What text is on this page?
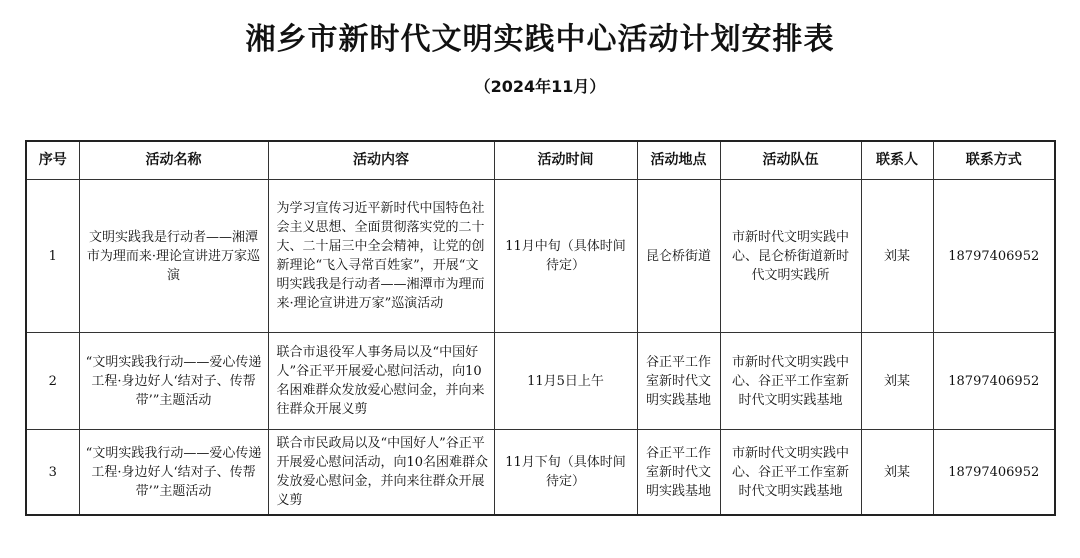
湘乡市新时代文明实践中心活动计划安排表
（2024年11月）
序号	活动名称	活动内容	活动时间	活动地点	活动队伍	联系人	联系方式
1	文明实践我是行动者——湘潭市为理而来·理论宣讲进万家巡演	为学习宣传习近平新时代中国特色社会主义思想、全面贯彻落实党的二十大、二十届三中全会精神，让党的创新理论“飞入寻常百姓家”，开展“文明实践我是行动者——湘潭市为理而来·理论宣讲进万家”巡演活动	11月中旬（具体时间待定）	昆仑桥街道	市新时代文明实践中心、昆仑桥街道新时代文明实践所	刘某	18797406952
2	“文明实践我行动——爱心传递工程·身边好人‘结对子、传帮带’”主题活动	联合市退役军人事务局以及“中国好人”谷正平开展爱心慰问活动，向10名困难群众发放爱心慰问金，并向来往群众开展义剪	11月5日上午	谷正平工作室新时代文明实践基地	市新时代文明实践中心、谷正平工作室新时代文明实践基地	刘某	18797406952
3	“文明实践我行动——爱心传递工程·身边好人‘结对子、传帮带’”主题活动	联合市民政局以及“中国好人”谷正平开展爱心慰问活动，向10名困难群众发放爱心慰问金，并向来往群众开展义剪	11月下旬（具体时间待定）	谷正平工作室新时代文明实践基地	市新时代文明实践中心、谷正平工作室新时代文明实践基地	刘某	18797406952
